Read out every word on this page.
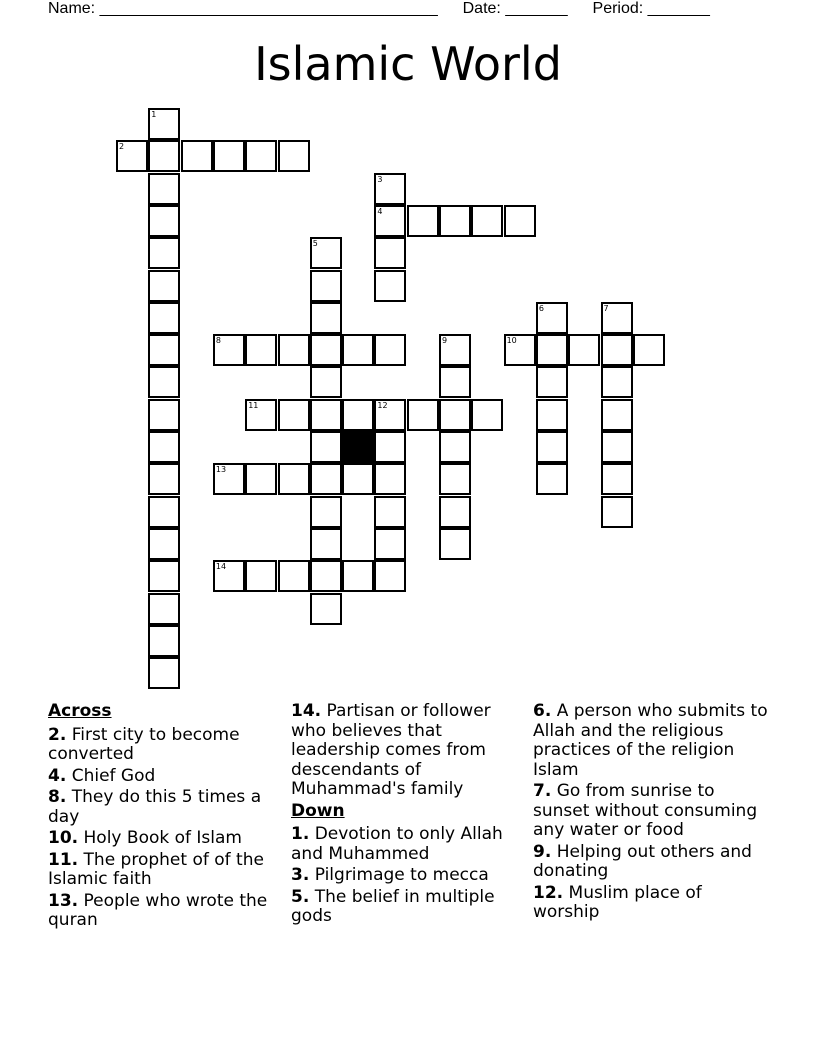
Name: ______________________________________ Date: _______ Period: _______
Islamic World
1
2
3
4
5
6	7
8	9	10
11	12
13
14
Across
2. First city to become converted
4. Chief God
8. They do this 5 times a day
10. Holy Book of Islam
11. The prophet of of the Islamic faith
13. People who wrote the quran
14. Partisan or follower who believes that leadership comes from descendants of Muhammad's family
Down
1. Devotion to only Allah and Muhammed
3. Pilgrimage to mecca
5. The belief in multiple gods
6. A person who submits to Allah and the religious practices of the religion Islam
7. Go from sunrise to sunset without consuming any water or food
9. Helping out others and donating
12. Muslim place of worship
